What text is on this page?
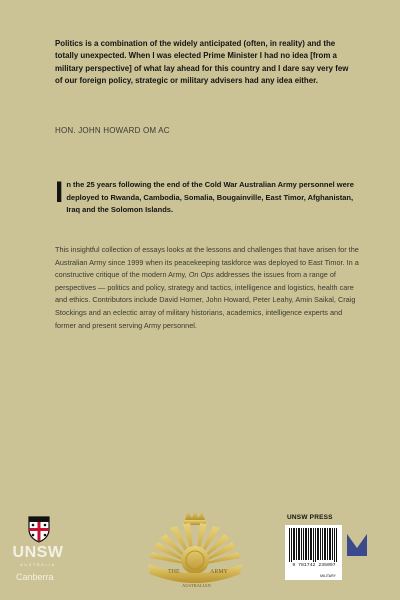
Politics is a combination of the widely anticipated (often, in reality) and the totally unexpected. When I was elected Prime Minister I had no idea [from a military perspective] of what lay ahead for this country and I dare say very few of our foreign policy, strategic or military advisers had any idea either.

HON. JOHN HOWARD OM AC

In the 25 years following the end of the Cold War Australian Army personnel were deployed to Rwanda, Cambodia, Somalia, Bougainville, East Timor, Afghanistan, Iraq and the Solomon Islands.

This insightful collection of essays looks at the lessons and challenges that have arisen for the Australian Army since 1999 when its peacekeeping taskforce was deployed to East Timor. In a constructive critique of the modern Army, On Ops addresses the issues from a range of perspectives — politics and policy, strategy and tactics, intelligence and logistics, health care and ethics. Contributors include David Horner, John Howard, Peter Leahy, Amin Saikal, Craig Stockings and an eclectic array of military historians, academics, intelligence experts and former and present serving Army personnel.

UNSW
AUSTRALIA
Canberra	THE	ARMY
AUSTRALIAN
UNSW PRESS
9 781742 235097
MILITARY
